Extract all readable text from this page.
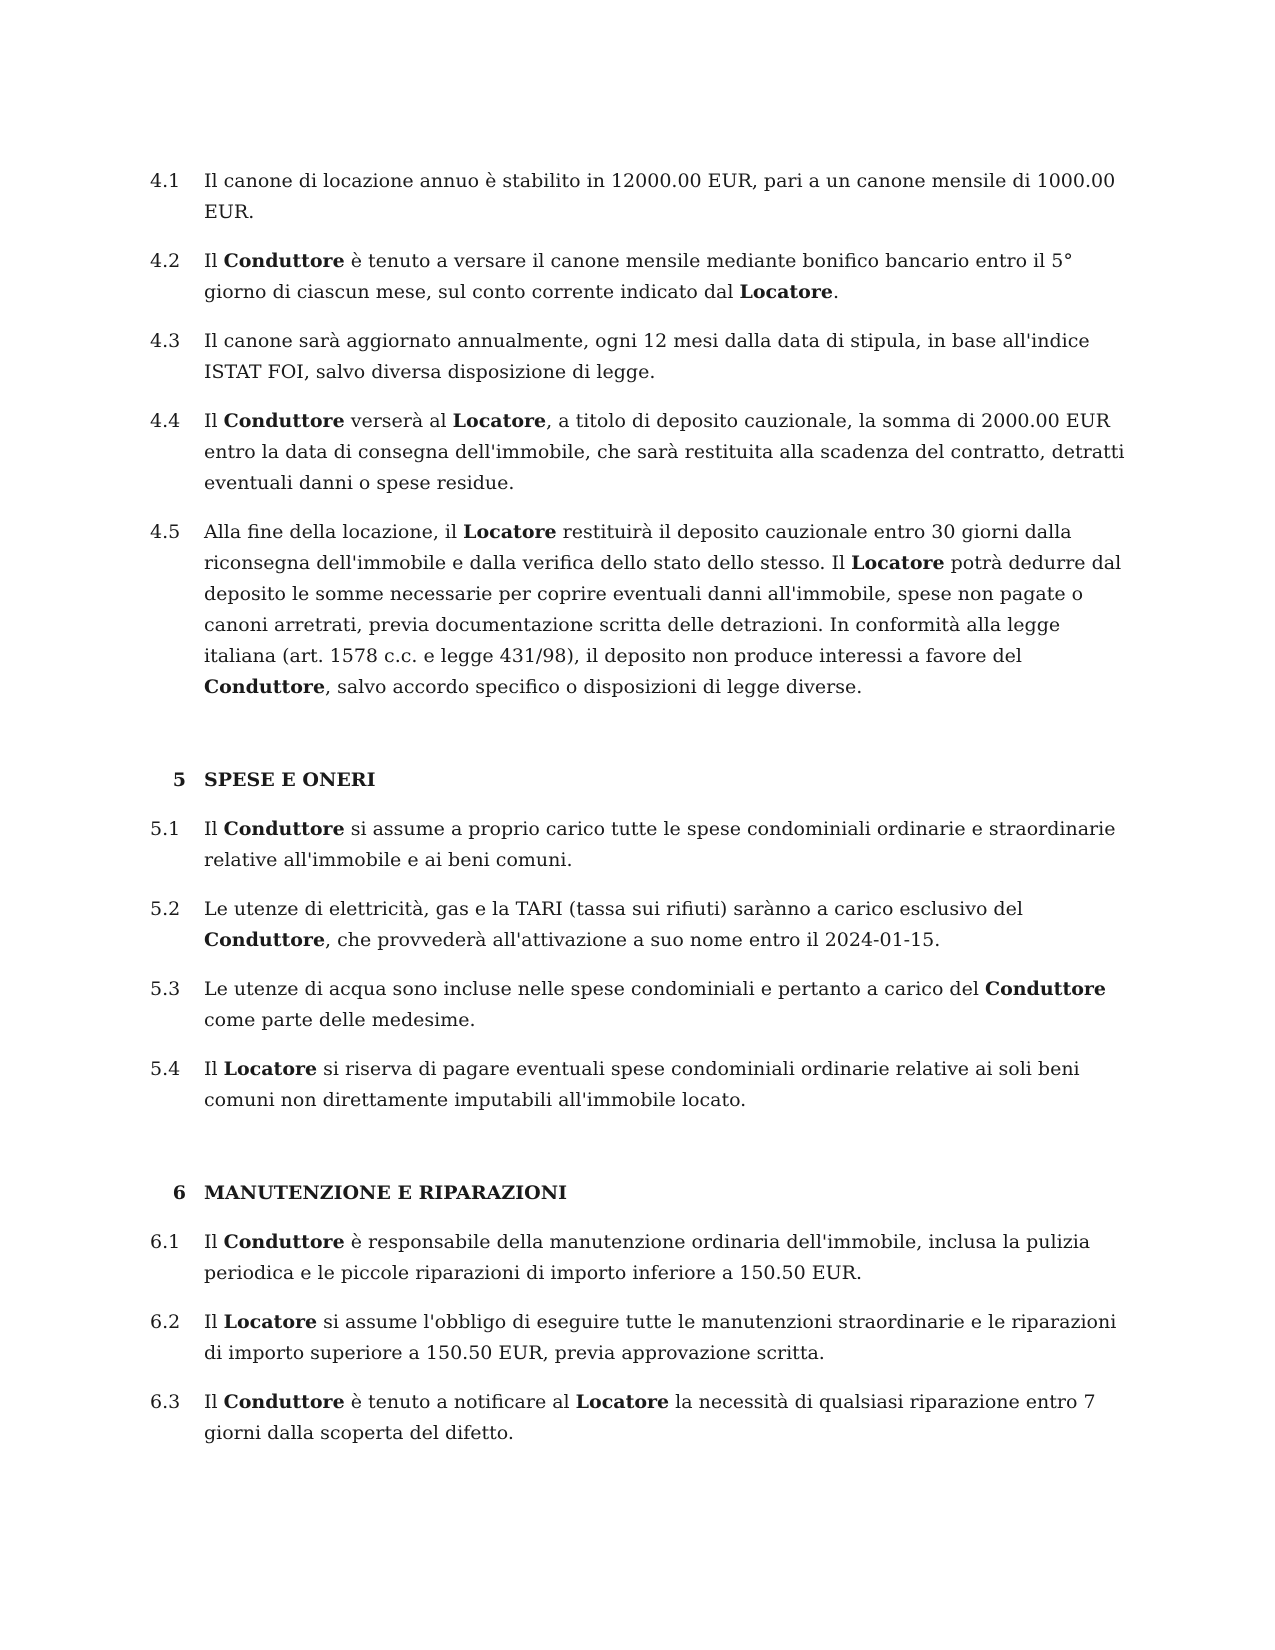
4.1	Il canone di locazione annuo è stabilito in 12000.00 EUR, pari a un canone mensile di 1000.00 EUR.
4.2	Il Conduttore è tenuto a versare il canone mensile mediante bonifico bancario entro il 5° giorno di ciascun mese, sul conto corrente indicato dal Locatore.
4.3	Il canone sarà aggiornato annualmente, ogni 12 mesi dalla data di stipula, in base all'indice ISTAT FOI, salvo diversa disposizione di legge.
4.4	Il Conduttore verserà al Locatore, a titolo di deposito cauzionale, la somma di 2000.00 EUR entro la data di consegna dell'immobile, che sarà restituita alla scadenza del contratto, detratti eventuali danni o spese residue.
4.5	Alla fine della locazione, il Locatore restituirà il deposito cauzionale entro 30 giorni dalla riconsegna dell'immobile e dalla verifica dello stato dello stesso. Il Locatore potrà dedurre dal deposito le somme necessarie per coprire eventuali danni all'immobile, spese non pagate o canoni arretrati, previa documentazione scritta delle detrazioni. In conformità alla legge italiana (art. 1578 c.c. e legge 431/98), il deposito non produce interessi a favore del Conduttore, salvo accordo specifico o disposizioni di legge diverse.
5 SPESE E ONERI
5.1	Il Conduttore si assume a proprio carico tutte le spese condominiali ordinarie e straordinarie relative all'immobile e ai beni comuni.
5.2	Le utenze di elettricità, gas e la TARI (tassa sui rifiuti) sarànno a carico esclusivo del Conduttore, che provvederà all'attivazione a suo nome entro il 2024-01-15.
5.3	Le utenze di acqua sono incluse nelle spese condominiali e pertanto a carico del Conduttore come parte delle medesime.
5.4	Il Locatore si riserva di pagare eventuali spese condominiali ordinarie relative ai soli beni comuni non direttamente imputabili all'immobile locato.
6 MANUTENZIONE E RIPARAZIONI
6.1	Il Conduttore è responsabile della manutenzione ordinaria dell'immobile, inclusa la pulizia periodica e le piccole riparazioni di importo inferiore a 150.50 EUR.
6.2	Il Locatore si assume l'obbligo di eseguire tutte le manutenzioni straordinarie e le riparazioni di importo superiore a 150.50 EUR, previa approvazione scritta.
6.3	Il Conduttore è tenuto a notificare al Locatore la necessità di qualsiasi riparazione entro 7 giorni dalla scoperta del difetto.
